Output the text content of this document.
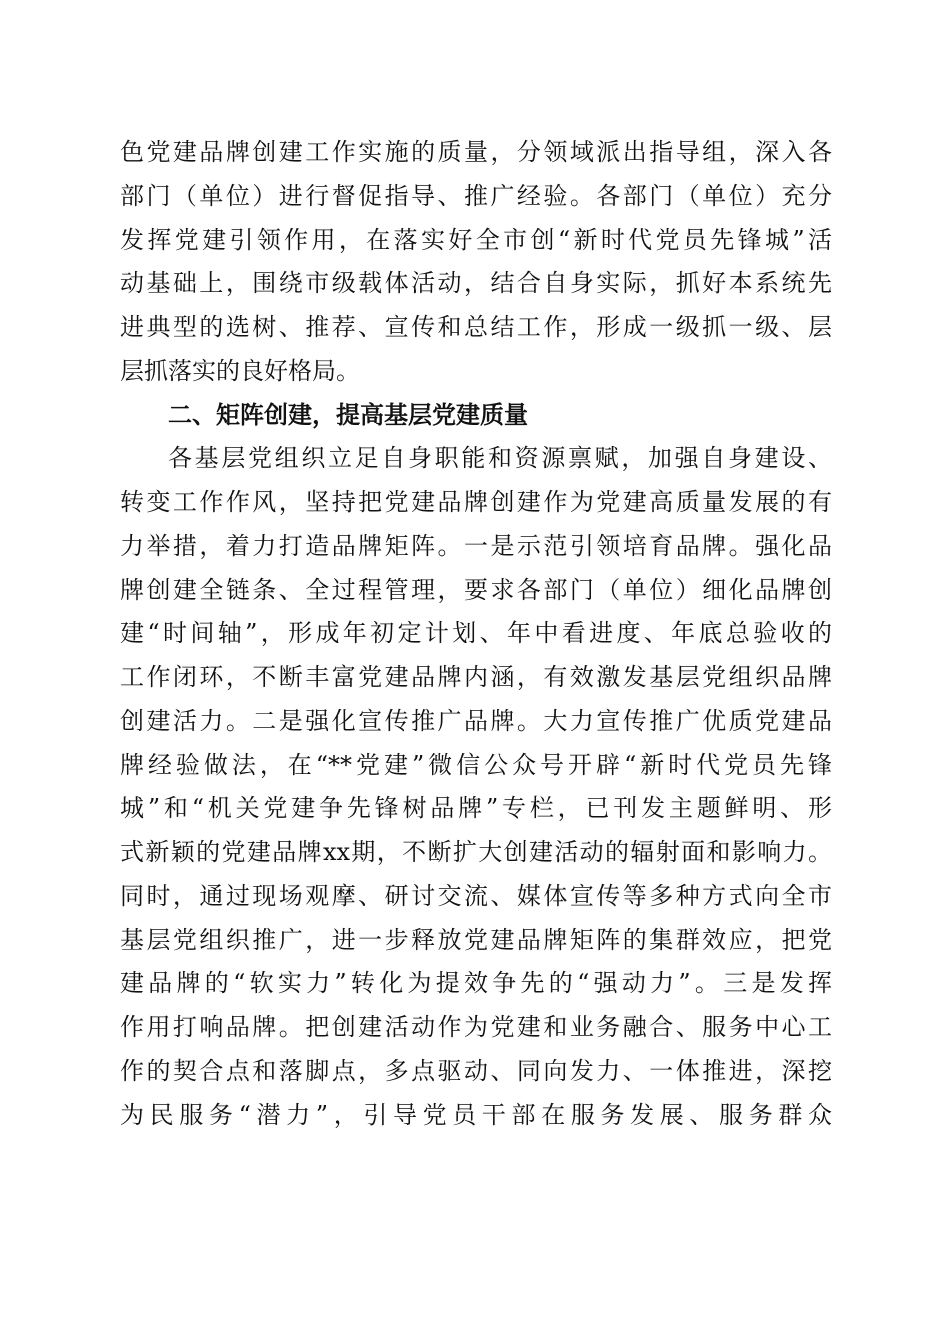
色党建品牌创建工作实施的质量，分领域派出指导组，深入各
部门（单位）进行督促指导、推广经验。各部门（单位）充分
发挥党建引领作用，在落实好全市创“新时代党员先锋城”活
动基础上，围绕市级载体活动，结合自身实际，抓好本系统先
进典型的选树、推荐、宣传和总结工作，形成一级抓一级、层
层抓落实的良好格局。
二、矩阵创建，提高基层党建质量
各基层党组织立足自身职能和资源禀赋，加强自身建设、
转变工作作风，坚持把党建品牌创建作为党建高质量发展的有
力举措，着力打造品牌矩阵。一是示范引领培育品牌。强化品
牌创建全链条、全过程管理，要求各部门（单位）细化品牌创
建“时间轴”，形成年初定计划、年中看进度、年底总验收的
工作闭环，不断丰富党建品牌内涵，有效激发基层党组织品牌
创建活力。二是强化宣传推广品牌。大力宣传推广优质党建品
牌经验做法，在“**党建”微信公众号开辟“新时代党员先锋
城”和“机关党建争先锋树品牌”专栏，已刊发主题鲜明、形
式新颖的党建品牌xx期，不断扩大创建活动的辐射面和影响力。
同时，通过现场观摩、研讨交流、媒体宣传等多种方式向全市
基层党组织推广，进一步释放党建品牌矩阵的集群效应，把党
建品牌的“软实力”转化为提效争先的“强动力”。三是发挥
作用打响品牌。把创建活动作为党建和业务融合、服务中心工
作的契合点和落脚点，多点驱动、同向发力、一体推进，深挖
为民服务“潜力”，引导党员干部在服务发展、服务群众
